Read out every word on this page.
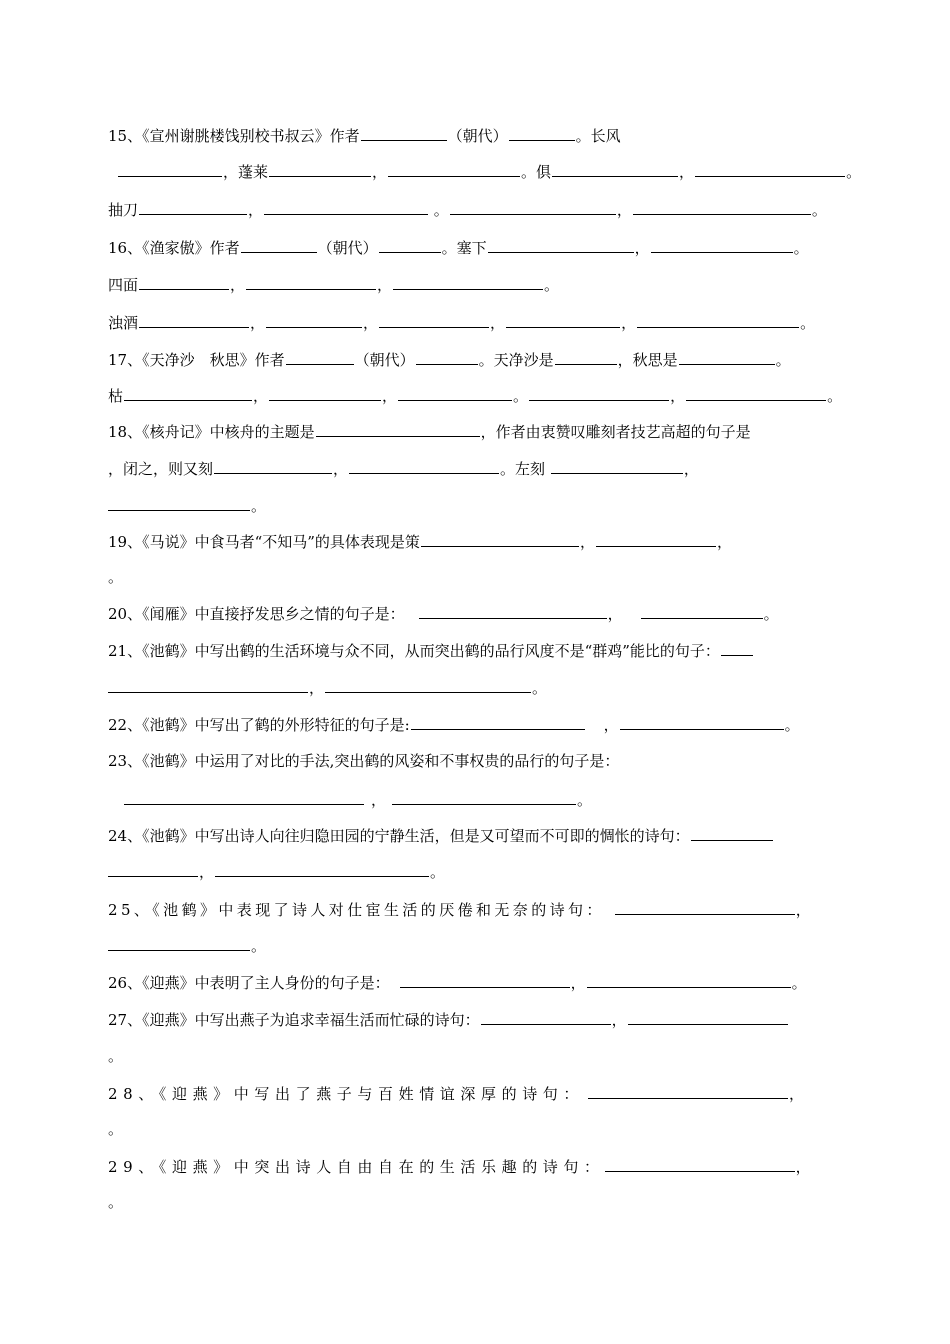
15、《宣州谢朓楼饯别校书叔云》作者	（朝代）	。长风
，蓬莱	，	。俱	，	。
抽刀	，	。	，	。
16、《渔家傲》作者	（朝代）	。塞下	，	。
四面	，	，	。
浊酒	，	，	，	，	。
17、《天净沙　秋思》作者	（朝代）	。天净沙是	，秋思是	。
枯	，	，	。	，	。
18、《核舟记》中核舟的主题是	，作者由衷赞叹雕刻者技艺高超的句子是
，闭之，则又刻	，	。左刻	，
。
19、《马说》中食马者“不知马”的具体表现是策	，	，
。
20、《闻雁》中直接抒发思乡之情的句子是：	，	。
21、《池鹤》中写出鹤的生活环境与众不同，从而突出鹤的品行风度不是“群鸡”能比的句子：
，	。
22、《池鹤》中写出了鹤的外形特征的句子是:	，	。
23、《池鹤》中运用了对比的手法,突出鹤的风姿和不事权贵的品行的句子是：
，	。
24、《池鹤》中写出诗人向往归隐田园的宁静生活，但是又可望而不可即的惆怅的诗句：
，	。
25、《池鹤》中表现了诗人对仕宦生活的厌倦和无奈的诗句：	，
。
26、《迎燕》中表明了主人身份的句子是：	，	。
27、《迎燕》中写出燕子为追求幸福生活而忙碌的诗句：	，
。
28、《迎燕》中写出了燕子与百姓情谊深厚的诗句：	，
。
29、《迎燕》中突出诗人自由自在的生活乐趣的诗句：	，
。
